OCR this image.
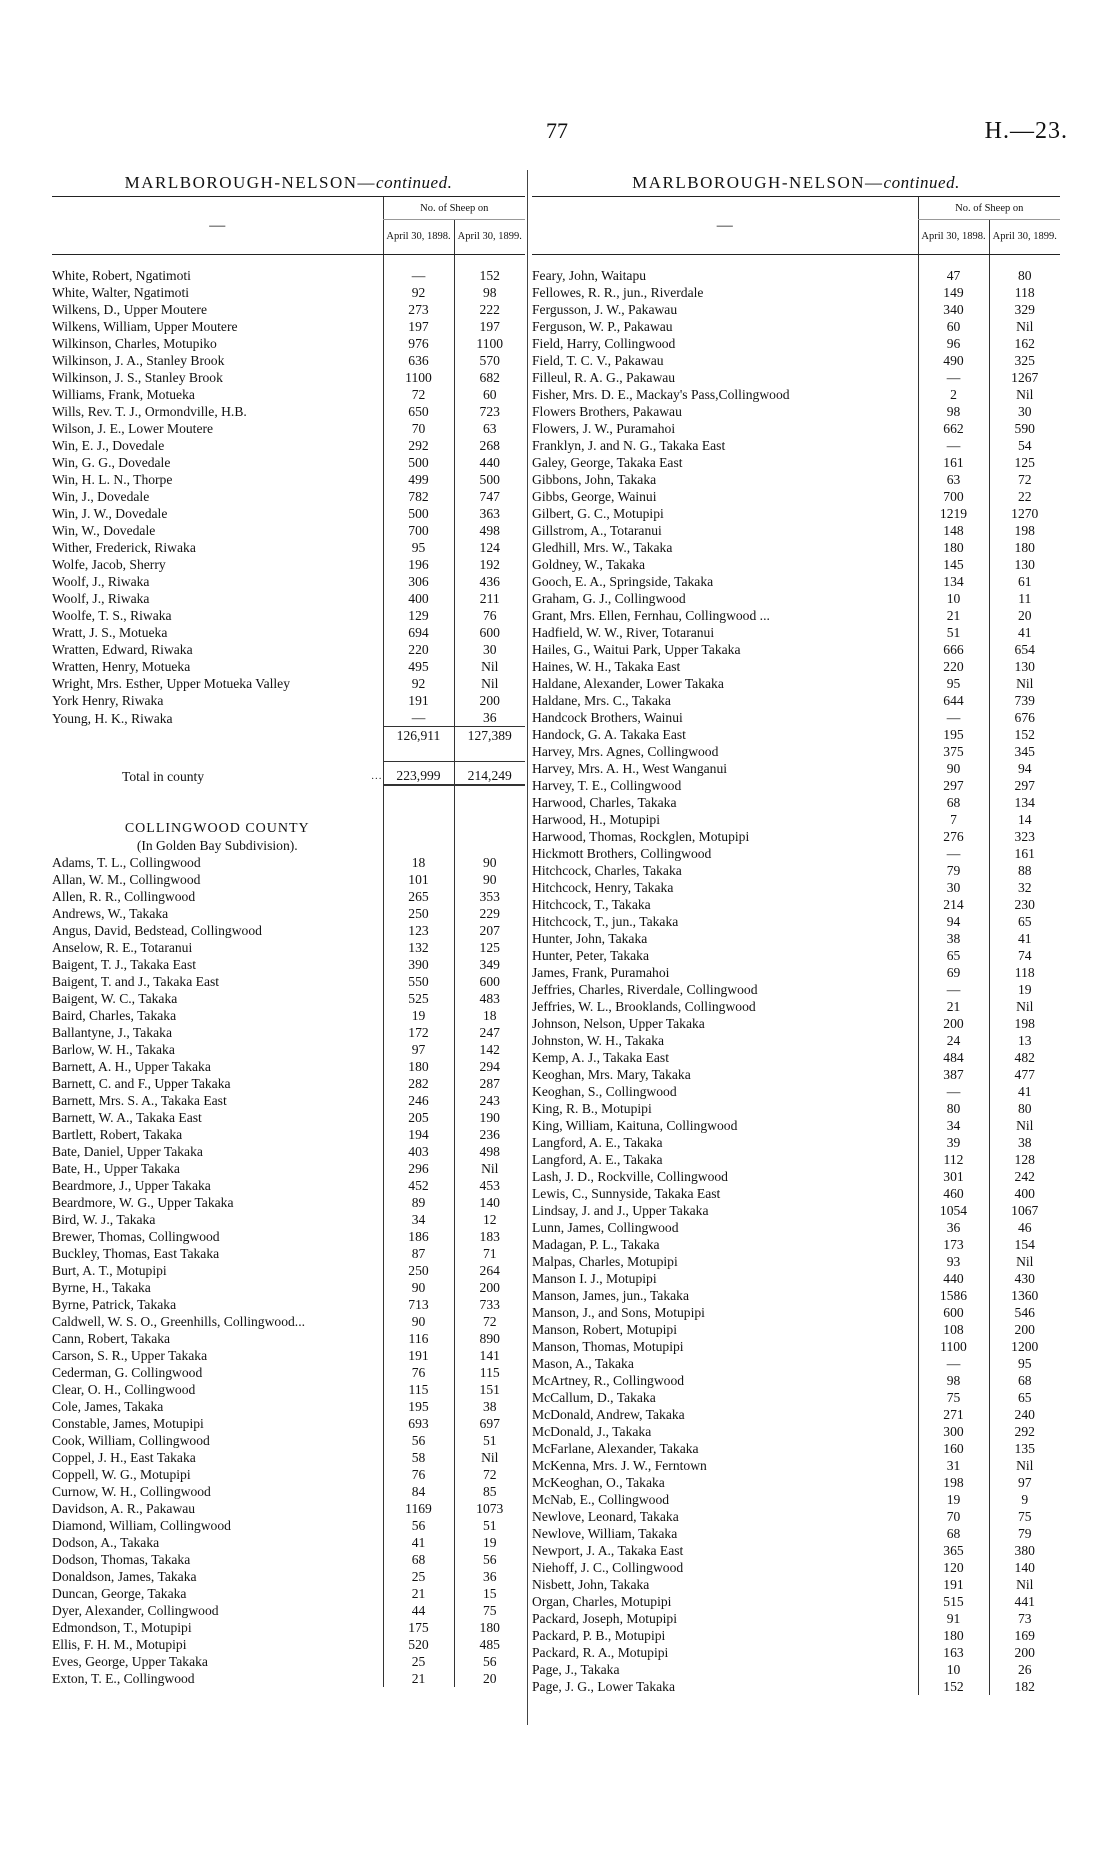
77	H.—23.
MARLBOROUGH-NELSON—continued.
—	No. of Sheep on	
	April 30, 1898.	April 30, 1899.

White, Robert, Ngatimoti	—	152
White, Walter, Ngatimoti	92	98
Wilkens, D., Upper Moutere	273	222
Wilkens, William, Upper Moutere	197	197
Wilkinson, Charles, Motupiko	976	1100
Wilkinson, J. A., Stanley Brook	636	570
Wilkinson, J. S., Stanley Brook	1100	682
Williams, Frank, Motueka	72	60
Wills, Rev. T. J., Ormondville, H.B.	650	723
Wilson, J. E., Lower Moutere	70	63
Win, E. J., Dovedale	292	268
Win, G. G., Dovedale	500	440
Win, H. L. N., Thorpe	499	500
Win, J., Dovedale	782	747
Win, J. W., Dovedale	500	363
Win, W., Dovedale	700	498
Wither, Frederick, Riwaka	95	124
Wolfe, Jacob, Sherry	196	192
Woolf, J., Riwaka	306	436
Woolf, J., Riwaka	400	211
Woolfe, T. S., Riwaka	129	76
Wratt, J. S., Motueka	694	600
Wratten, Edward, Riwaka	220	30
Wratten, Henry, Motueka	495	Nil
Wright, Mrs. Esther, Upper Motueka Valley	92	Nil
York Henry, Riwaka	191	200
Young, H. K., Riwaka	—	36
	126,911	127,389

Total in county ...	223,999	214,249

COLLINGWOOD COUNTY		
(In Golden Bay Subdivision).		
Adams, T. L., Collingwood	18	90
Allan, W. M., Collingwood	101	90
Allen, R. R., Collingwood	265	353
Andrews, W., Takaka	250	229
Angus, David, Bedstead, Collingwood	123	207
Anselow, R. E., Totaranui	132	125
Baigent, T. J., Takaka East	390	349
Baigent, T. and J., Takaka East	550	600
Baigent, W. C., Takaka	525	483
Baird, Charles, Takaka	19	18
Ballantyne, J., Takaka	172	247
Barlow, W. H., Takaka	97	142
Barnett, A. H., Upper Takaka	180	294
Barnett, C. and F., Upper Takaka	282	287
Barnett, Mrs. S. A., Takaka East	246	243
Barnett, W. A., Takaka East	205	190
Bartlett, Robert, Takaka	194	236
Bate, Daniel, Upper Takaka	403	498
Bate, H., Upper Takaka	296	Nil
Beardmore, J., Upper Takaka	452	453
Beardmore, W. G., Upper Takaka	89	140
Bird, W. J., Takaka	34	12
Brewer, Thomas, Collingwood	186	183
Buckley, Thomas, East Takaka	87	71
Burt, A. T., Motupipi	250	264
Byrne, H., Takaka	90	200
Byrne, Patrick, Takaka	713	733
Caldwell, W. S. O., Greenhills, Collingwood...	90	72
Cann, Robert, Takaka	116	890
Carson, S. R., Upper Takaka	191	141
Cederman, G. Collingwood	76	115
Clear, O. H., Collingwood	115	151
Cole, James, Takaka	195	38
Constable, James, Motupipi	693	697
Cook, William, Collingwood	56	51
Coppel, J. H., East Takaka	58	Nil
Coppell, W. G., Motupipi	76	72
Curnow, W. H., Collingwood	84	85
Davidson, A. R., Pakawau	1169	1073
Diamond, William, Collingwood	56	51
Dodson, A., Takaka	41	19
Dodson, Thomas, Takaka	68	56
Donaldson, James, Takaka	25	36
Duncan, George, Takaka	21	15
Dyer, Alexander, Collingwood	44	75
Edmondson, T., Motupipi	175	180
Ellis, F. H. M., Motupipi	520	485
Eves, George, Upper Takaka	25	56
Exton, T. E., Collingwood	21	20
MARLBOROUGH-NELSON—continued.
—	No. of Sheep on	
	April 30, 1898.	April 30, 1899.

Feary, John, Waitapu	47	80
Fellowes, R. R., jun., Riverdale	149	118
Fergusson, J. W., Pakawau	340	329
Ferguson, W. P., Pakawau	60	Nil
Field, Harry, Collingwood	96	162
Field, T. C. V., Pakawau	490	325
Filleul, R. A. G., Pakawau	—	1267
Fisher, Mrs. D. E., Mackay's Pass,Collingwood	2	Nil
Flowers Brothers, Pakawau	98	30
Flowers, J. W., Puramahoi	662	590
Franklyn, J. and N. G., Takaka East	—	54
Galey, George, Takaka East	161	125
Gibbons, John, Takaka	63	72
Gibbs, George, Wainui	700	22
Gilbert, G. C., Motupipi	1219	1270
Gillstrom, A., Totaranui	148	198
Gledhill, Mrs. W., Takaka	180	180
Goldney, W., Takaka	145	130
Gooch, E. A., Springside, Takaka	134	61
Graham, G. J., Collingwood	10	11
Grant, Mrs. Ellen, Fernhau, Collingwood ...	21	20
Hadfield, W. W., River, Totaranui	51	41
Hailes, G., Waitui Park, Upper Takaka	666	654
Haines, W. H., Takaka East	220	130
Haldane, Alexander, Lower Takaka	95	Nil
Haldane, Mrs. C., Takaka	644	739
Handcock Brothers, Wainui	—	676
Handock, G. A. Takaka East	195	152
Harvey, Mrs. Agnes, Collingwood	375	345
Harvey, Mrs. A. H., West Wanganui	90	94
Harvey, T. E., Collingwood	297	297
Harwood, Charles, Takaka	68	134
Harwood, H., Motupipi	7	14
Harwood, Thomas, Rockglen, Motupipi	276	323
Hickmott Brothers, Collingwood	—	161
Hitchcock, Charles, Takaka	79	88
Hitchcock, Henry, Takaka	30	32
Hitchcock, T., Takaka	214	230
Hitchcock, T., jun., Takaka	94	65
Hunter, John, Takaka	38	41
Hunter, Peter, Takaka	65	74
James, Frank, Puramahoi	69	118
Jeffries, Charles, Riverdale, Collingwood	—	19
Jeffries, W. L., Brooklands, Collingwood	21	Nil
Johnson, Nelson, Upper Takaka	200	198
Johnston, W. H., Takaka	24	13
Kemp, A. J., Takaka East	484	482
Keoghan, Mrs. Mary, Takaka	387	477
Keoghan, S., Collingwood	—	41
King, R. B., Motupipi	80	80
King, William, Kaituna, Collingwood	34	Nil
Langford, A. E., Takaka	39	38
Langford, A. E., Takaka	112	128
Lash, J. D., Rockville, Collingwood	301	242
Lewis, C., Sunnyside, Takaka East	460	400
Lindsay, J. and J., Upper Takaka	1054	1067
Lunn, James, Collingwood	36	46
Madagan, P. L., Takaka	173	154
Malpas, Charles, Motupipi	93	Nil
Manson I. J., Motupipi	440	430
Manson, James, jun., Takaka	1586	1360
Manson, J., and Sons, Motupipi	600	546
Manson, Robert, Motupipi	108	200
Manson, Thomas, Motupipi	1100	1200
Mason, A., Takaka	—	95
McArtney, R., Collingwood	98	68
McCallum, D., Takaka	75	65
McDonald, Andrew, Takaka	271	240
McDonald, J., Takaka	300	292
McFarlane, Alexander, Takaka	160	135
McKenna, Mrs. J. W., Ferntown	31	Nil
McKeoghan, O., Takaka	198	97
McNab, E., Collingwood	19	9
Newlove, Leonard, Takaka	70	75
Newlove, William, Takaka	68	79
Newport, J. A., Takaka East	365	380
Niehoff, J. C., Collingwood	120	140
Nisbett, John, Takaka	191	Nil
Organ, Charles, Motupipi	515	441
Packard, Joseph, Motupipi	91	73
Packard, P. B., Motupipi	180	169
Packard, R. A., Motupipi	163	200
Page, J., Takaka	10	26
Page, J. G., Lower Takaka	152	182
